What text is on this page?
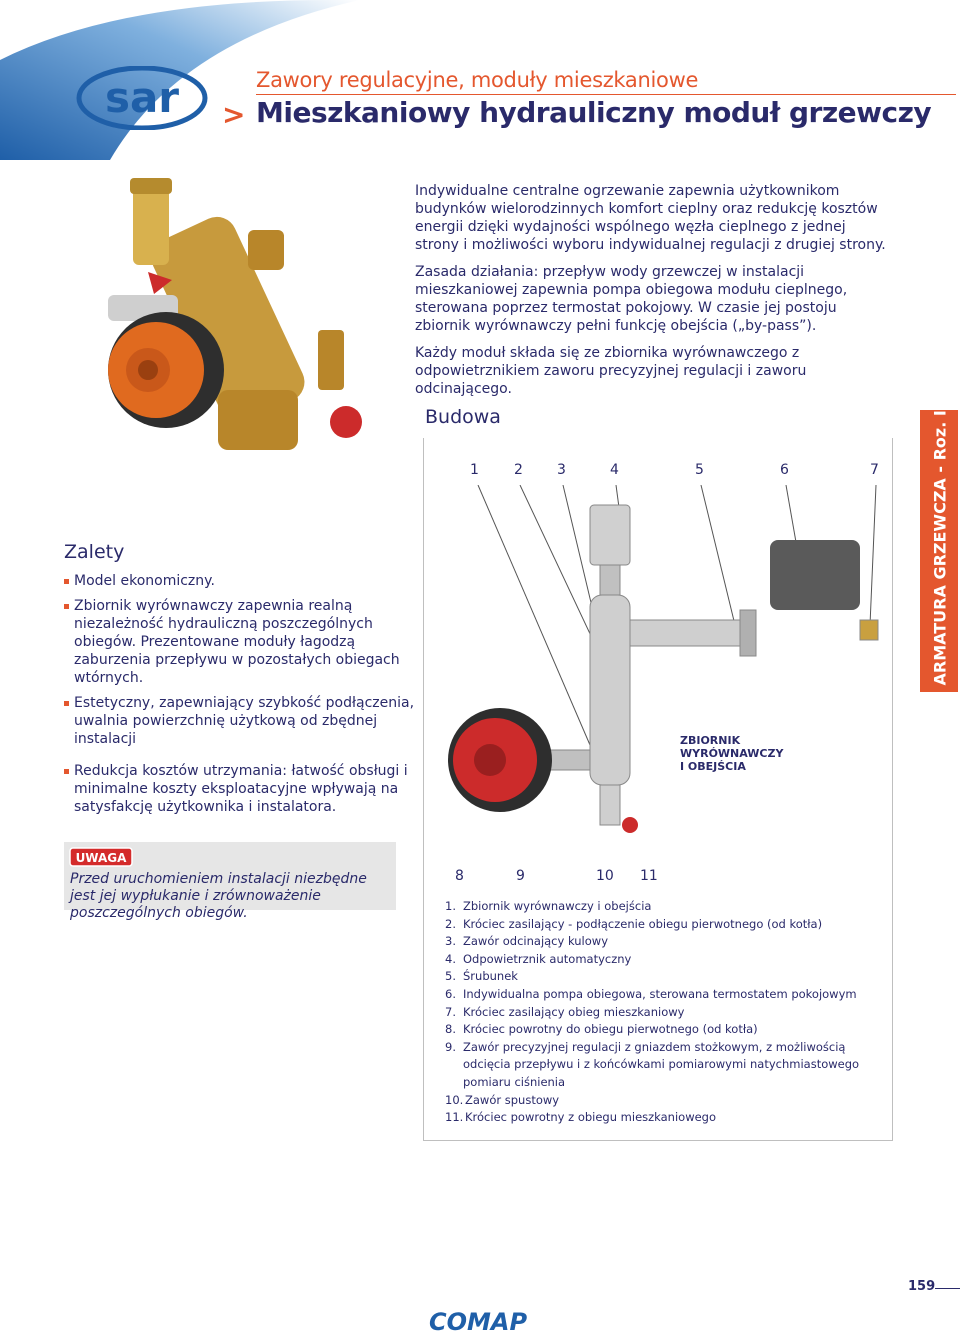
sar	Zawory regulacyjne, moduły mieszkaniowe
> Mieszkaniowy hydrauliczny moduł grzewczy

Indywidualne centralne ogrzewanie zapewnia użytkownikom budynków wielorodzinnych komfort cieplny oraz redukcję kosztów energii dzięki wydajności wspólnego węzła cieplnego z jednej strony i możliwości wyboru indywidualnej regulacji z drugiej strony.

Zasada działania: przepływ wody grzewczej w instalacji mieszkaniowej zapewnia pompa obiegowa modułu cieplnego, sterowana poprzez termostat pokojowy. W czasie jej postoju zbiornik wyrównawczy pełni funkcję obejścia („by-pass”).

Każdy moduł składa się ze zbiornika wyrównawczego z odpowietrznikiem zaworu precyzyjnej regulacji i zaworu odcinającego.

Budowa
1	2 3	4	5	6	7
ZBIORNIK
WYRÓWNAWCZY
I OBEJŚCIA
8	9	10 11
1. Zbiornik wyrównawczy i obejścia
2. Króciec zasilający - podłączenie obiegu pierwotnego (od kotła)
3. Zawór odcinający kulowy
4. Odpowietrznik automatyczny
5. Śrubunek
6. Indywidualna pompa obiegowa, sterowana termostatem pokojowym
7. Króciec zasilający obieg mieszkaniowy
8. Króciec powrotny do obiegu pierwotnego (od kotła)
9. Zawór precyzyjnej regulacji z gniazdem stożkowym, z możliwością odcięcia przepływu i z końcówkami pomiarowymi natychmiastowego pomiaru ciśnienia
10. Zawór spustowy
11. Króciec powrotny z obiegu mieszkaniowego
ARMATURA GRZEWCZA - Roz. III
Zalety
Model ekonomiczny.
Zbiornik wyrównawczy zapewnia realną niezależność hydrauliczną poszczególnych obiegów. Prezentowane moduły łagodzą zaburzenia przepływu w pozostałych obiegach wtórnych.
Estetyczny, zapewniający szybkość podłączenia, uwalnia powierzchnię użytkową od zbędnej instalacji
Redukcja kosztów utrzymania: łatwość obsługi i minimalne koszty eksploatacyjne wpływają na satysfakcję użytkownika i instalatora.
UWAGA
Przed uruchomieniem instalacji niezbędne jest jej wypłukanie i zrównoważenie poszczególnych obiegów.
159
COMAP
